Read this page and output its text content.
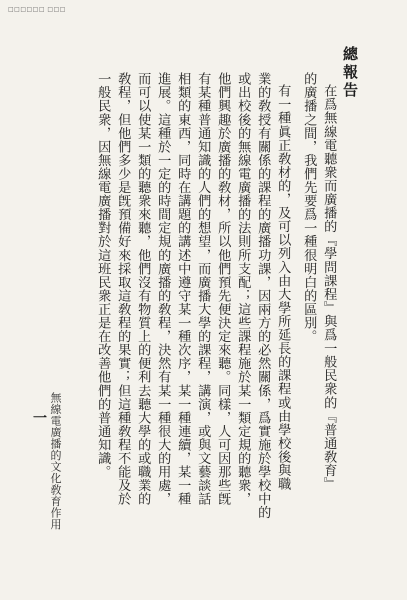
□□□□□□ □□□
總報告
在爲無線電聽衆而廣播的『學問課程』與爲一般民衆的『普通敎育』
的廣播之間，我們先要爲一種很明白的區別。
有一種眞正敎材的，及可以列入由大學所延長的課程或由學校後與職
業的敎授有關係的課程的廣播功課，因兩方的必然關係，爲實施於學校中的
或出校後的無線電廣播的法則所支配；這些課程施於某一類定規的聽衆，
他們興趣於廣播的敎材，所以他們預先便決定來聽。同樣，人可因那些旣
有某種普通知識的人們的想望，而廣播大學的課程，講演，或與文藝談話
相類的東西，同時在講題的講述中遵守某一種次序，某一種連續，某一種
進展。這種於一定的時間定規的廣播的敎程，決然有某一種很大的用處，
而可以使某一類的聽衆來聽，他們沒有物質上的便利去聽大學的或職業的
敎程，但他們多少是旣預備好來採取這敎程的果實；但這種敎程不能及於
一般民衆，因無線電廣播對於這班民衆正是在改善他們的普通知識。
無線電廣播的文化敎育作用
一
